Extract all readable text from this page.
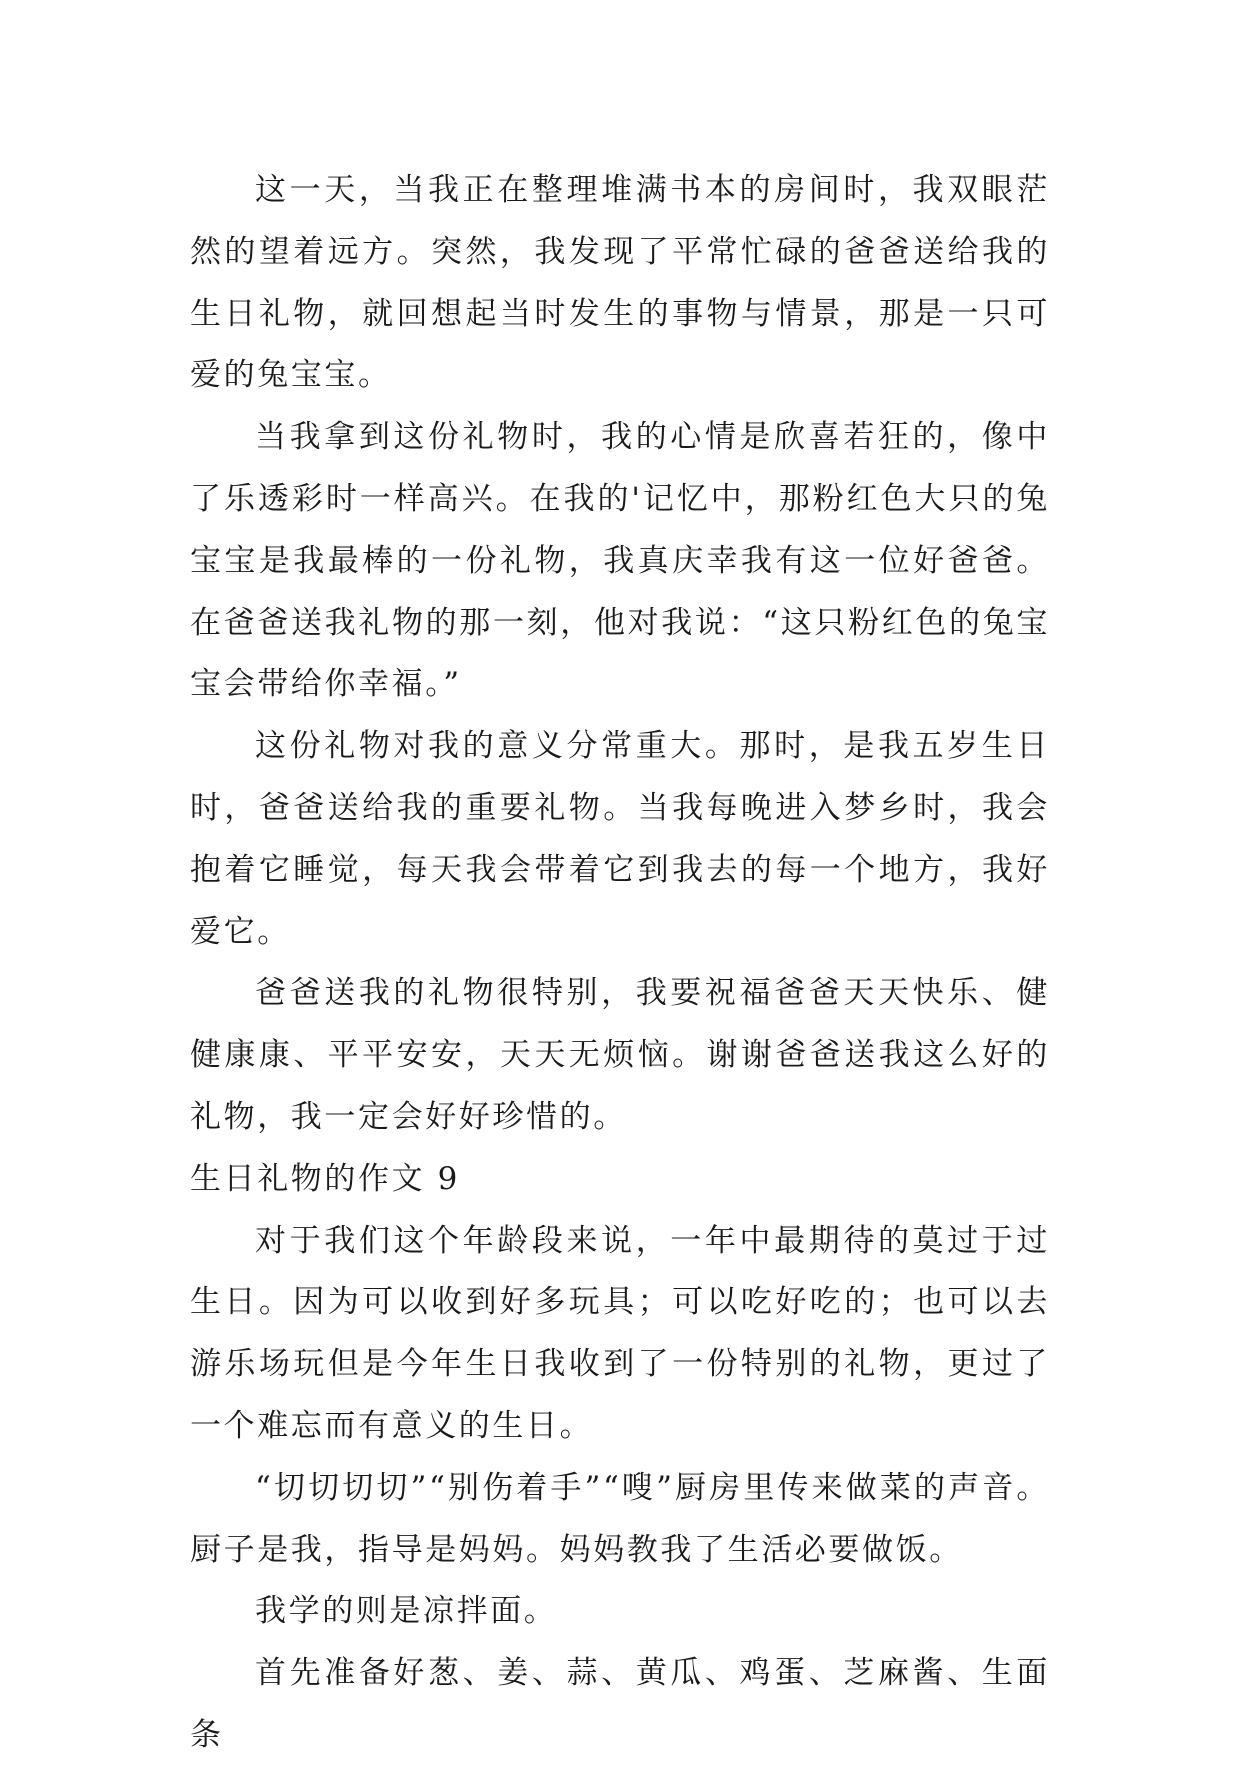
这一天，当我正在整理堆满书本的房间时，我双眼茫然的望着远方。突然，我发现了平常忙碌的爸爸送给我的生日礼物，就回想起当时发生的事物与情景，那是一只可爱的兔宝宝。

当我拿到这份礼物时，我的心情是欣喜若狂的，像中了乐透彩时一样高兴。在我的'记忆中，那粉红色大只的兔宝宝是我最棒的一份礼物，我真庆幸我有这一位好爸爸。在爸爸送我礼物的那一刻，他对我说：“这只粉红色的兔宝宝会带给你幸福。”

这份礼物对我的意义分常重大。那时，是我五岁生日时，爸爸送给我的重要礼物。当我每晚进入梦乡时，我会抱着它睡觉，每天我会带着它到我去的每一个地方，我好爱它。

爸爸送我的礼物很特别，我要祝福爸爸天天快乐、健健康康、平平安安，天天无烦恼。谢谢爸爸送我这么好的礼物，我一定会好好珍惜的。

生日礼物的作文 9

对于我们这个年龄段来说，一年中最期待的莫过于过生日。因为可以收到好多玩具；可以吃好吃的；也可以去游乐场玩但是今年生日我收到了一份特别的礼物，更过了一个难忘而有意义的生日。

“切切切切”“别伤着手”“嗖”厨房里传来做菜的声音。厨子是我，指导是妈妈。妈妈教我了生活必要做饭。

我学的则是凉拌面。

首先准备好葱、姜、蒜、黄瓜、鸡蛋、芝麻酱、生面条
